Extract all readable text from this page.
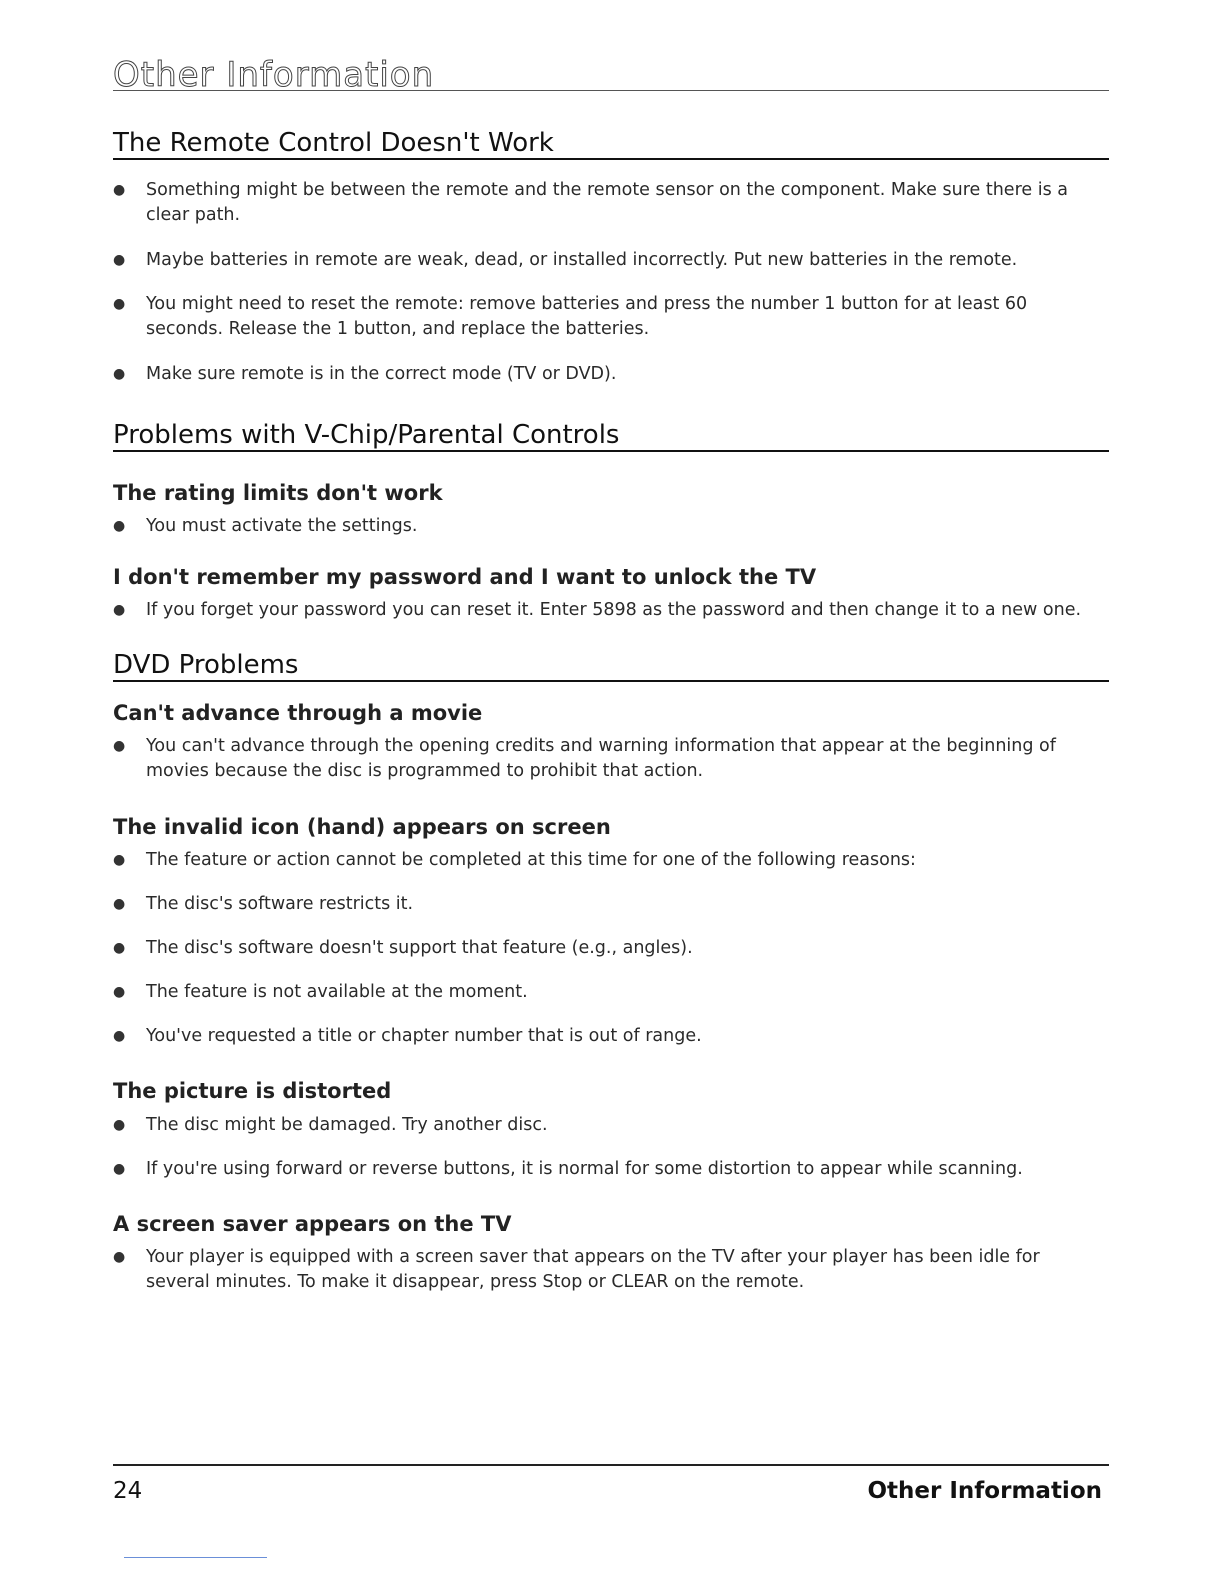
Other Information
The Remote Control Doesn't Work
●	Something might be between the remote and the remote sensor on the component. Make sure there is a clear path.
●	Maybe batteries in remote are weak, dead, or installed incorrectly. Put new batteries in the remote.
●	You might need to reset the remote: remove batteries and press the number 1 button for at least 60 seconds. Release the 1 button, and replace the batteries.
●	Make sure remote is in the correct mode (TV or DVD).
Problems with V-Chip/Parental Controls
The rating limits don't work
●	You must activate the settings.
I don't remember my password and I want to unlock the TV
●	If you forget your password you can reset it. Enter 5898 as the password and then change it to a new one.
DVD Problems
Can't advance through a movie
●	You can't advance through the opening credits and warning information that appear at the beginning of movies because the disc is programmed to prohibit that action.
The invalid icon (hand) appears on screen
●	The feature or action cannot be completed at this time for one of the following reasons:
●	The disc's software restricts it.
●	The disc's software doesn't support that feature (e.g., angles).
●	The feature is not available at the moment.
●	You've requested a title or chapter number that is out of range.
The picture is distorted
●	The disc might be damaged. Try another disc.
●	If you're using forward or reverse buttons, it is normal for some distortion to appear while scanning.
A screen saver appears on the TV
●	Your player is equipped with a screen saver that appears on the TV after your player has been idle for several minutes. To make it disappear, press Stop or CLEAR on the remote.
24	Other Information
